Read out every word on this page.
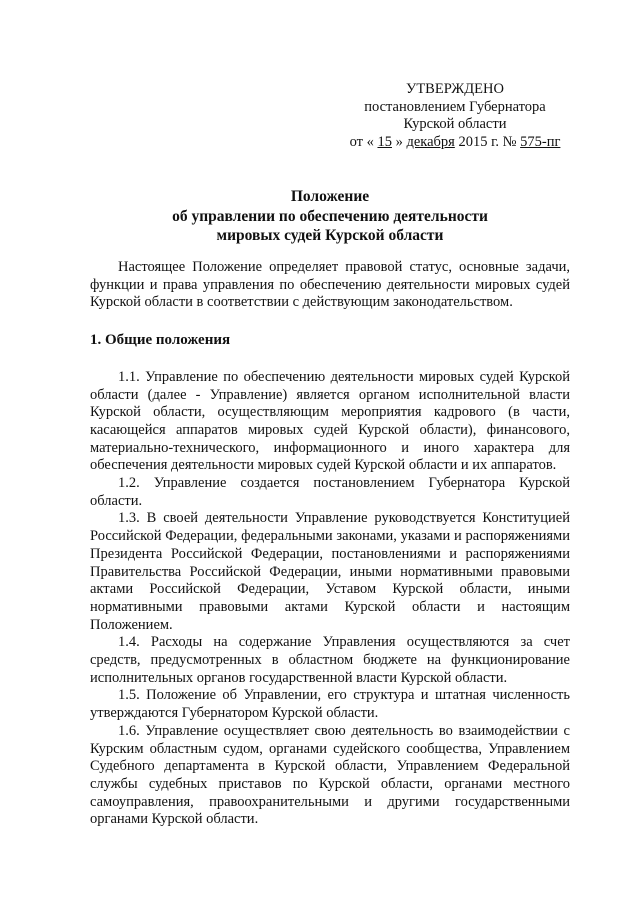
УТВЕРЖДЕНО
постановлением Губернатора
Курской области
от « 15 » декабря 2015 г. № 575-пг
Положение
об управлении по обеспечению деятельности
мировых судей Курской области

Настоящее Положение определяет правовой статус, основные задачи, функции и права управления по обеспечению деятельности мировых судей Курской области в соответствии с действующим законодательством.

1. Общие положения

1.1. Управление по обеспечению деятельности мировых судей Курской области (далее - Управление) является органом исполнительной власти Курской области, осуществляющим мероприятия кадрового (в части, касающейся аппаратов мировых судей Курской области), финансового, материально-технического, информационного и иного характера для обеспечения деятельности мировых судей Курской области и их аппаратов.

1.2. Управление создается постановлением Губернатора Курской области.

1.3. В своей деятельности Управление руководствуется Конституцией Российской Федерации, федеральными законами, указами и распоряжениями Президента Российской Федерации, постановлениями и распоряжениями Правительства Российской Федерации, иными нормативными правовыми актами Российской Федерации, Уставом Курской области, иными нормативными правовыми актами Курской области и настоящим Положением.

1.4. Расходы на содержание Управления осуществляются за счет средств, предусмотренных в областном бюджете на функционирование исполнительных органов государственной власти Курской области.

1.5. Положение об Управлении, его структура и штатная численность утверждаются Губернатором Курской области.

1.6. Управление осуществляет свою деятельность во взаимодействии с Курским областным судом, органами судейского сообщества, Управлением Судебного департамента в Курской области, Управлением Федеральной службы судебных приставов по Курской области, органами местного самоуправления, правоохранительными и другими государственными органами Курской области.
